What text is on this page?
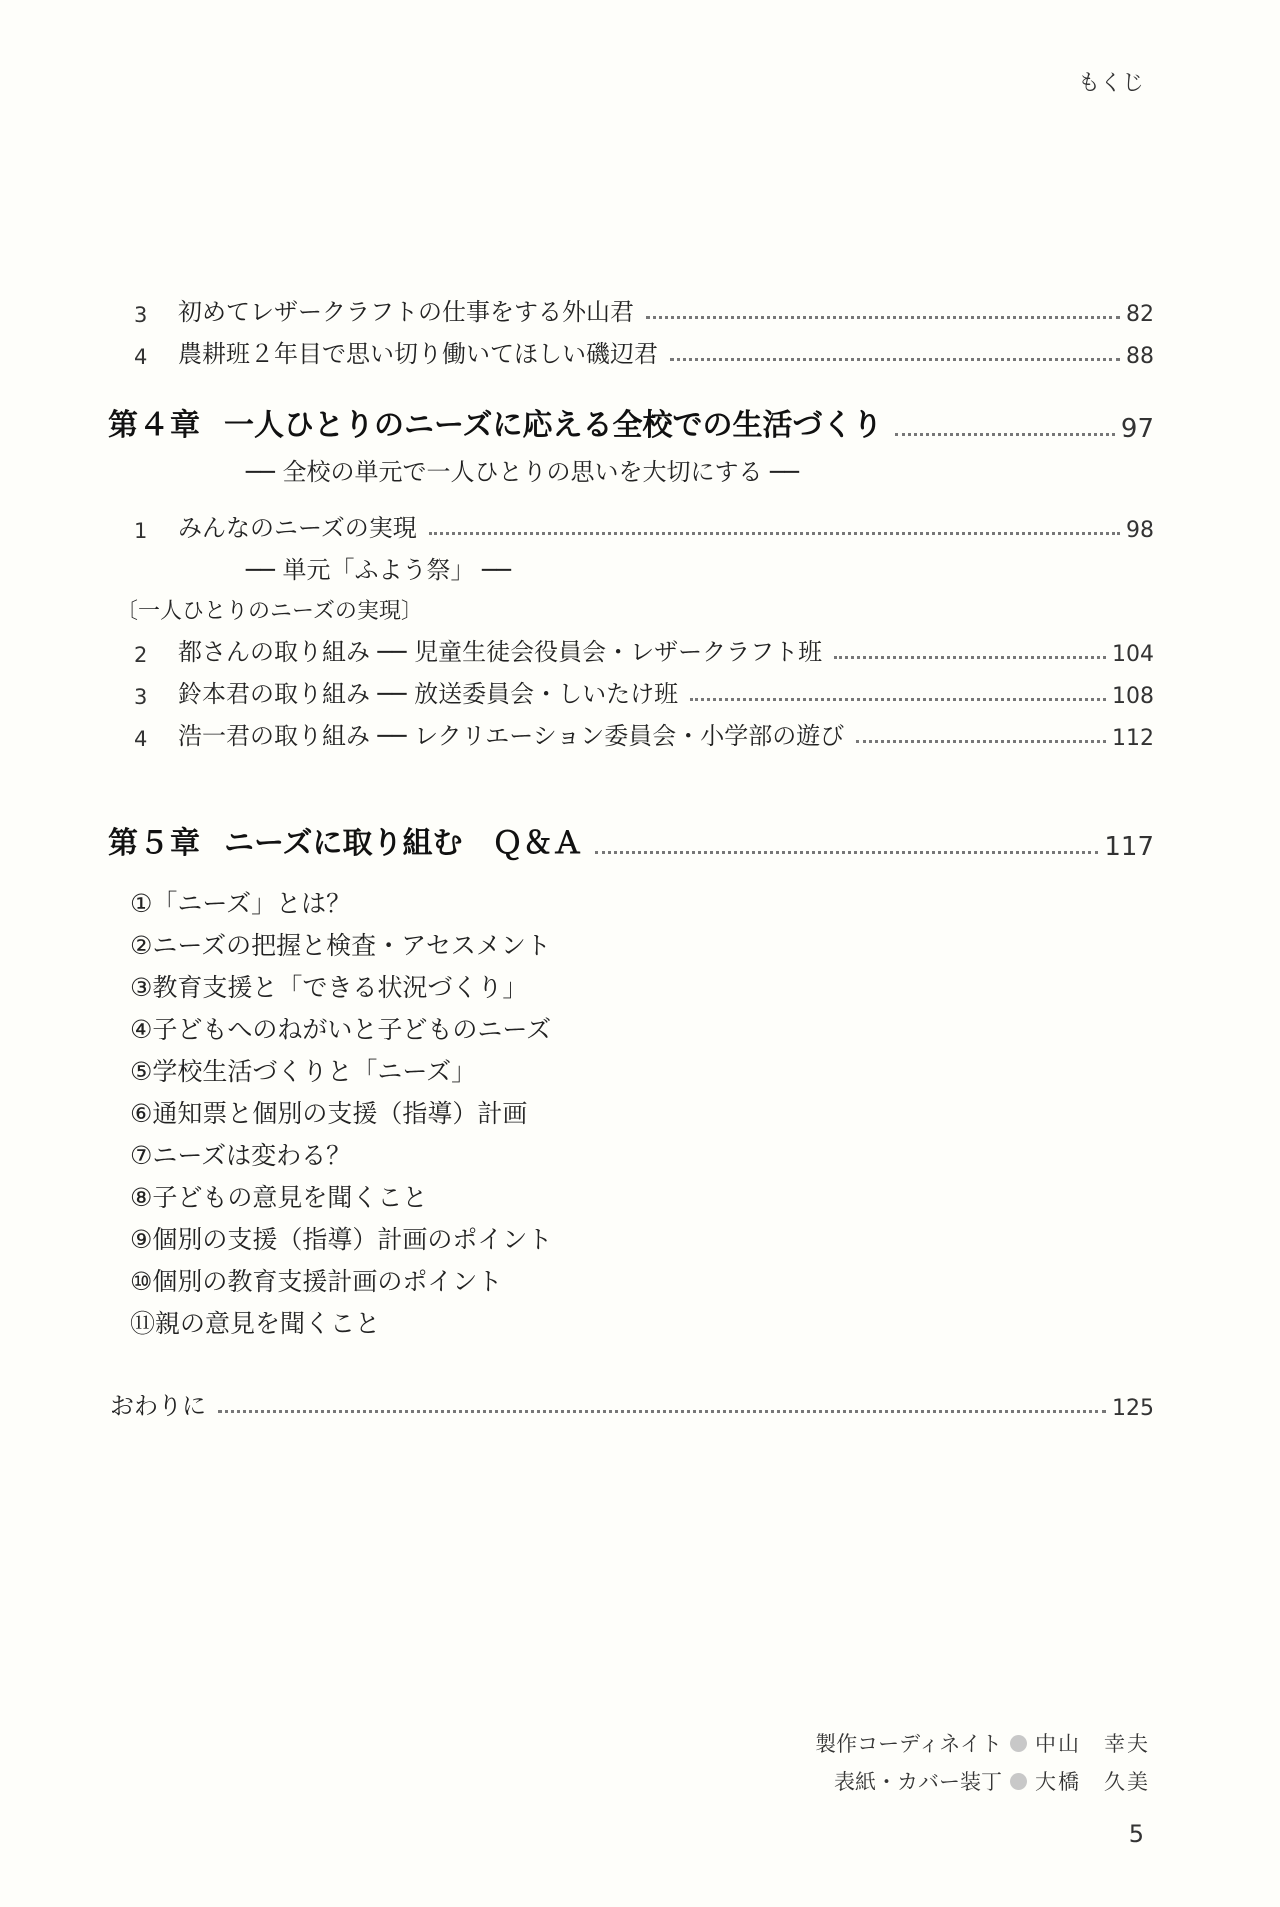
もくじ
3	初めてレザークラフトの仕事をする外山君	82
4	農耕班２年目で思い切り働いてほしい磯辺君	88
第４章 一人ひとりのニーズに応える全校での生活づくり	97
── 全校の単元で一人ひとりの思いを大切にする ──
1	みんなのニーズの実現	98
── 単元「ふよう祭」 ──
〔一人ひとりのニーズの実現〕
2	都さんの取り組み ── 児童生徒会役員会・レザークラフト班	104
3	鈴本君の取り組み ── 放送委員会・しいたけ班	108
4	浩一君の取り組み ── レクリエーション委員会・小学部の遊び	112
第５章 ニーズに取り組む　Ｑ＆Ａ	117
①「ニーズ」とは？
②ニーズの把握と検査・アセスメント
③教育支援と「できる状況づくり」
④子どもへのねがいと子どものニーズ
⑤学校生活づくりと「ニーズ」
⑥通知票と個別の支援（指導）計画
⑦ニーズは変わる？
⑧子どもの意見を聞くこと
⑨個別の支援（指導）計画のポイント
⑩個別の教育支援計画のポイント
⑪親の意見を聞くこと
おわりに	125
製作コーディネイト 中山　幸夫
表紙・カバー装丁 大橋　久美
5
